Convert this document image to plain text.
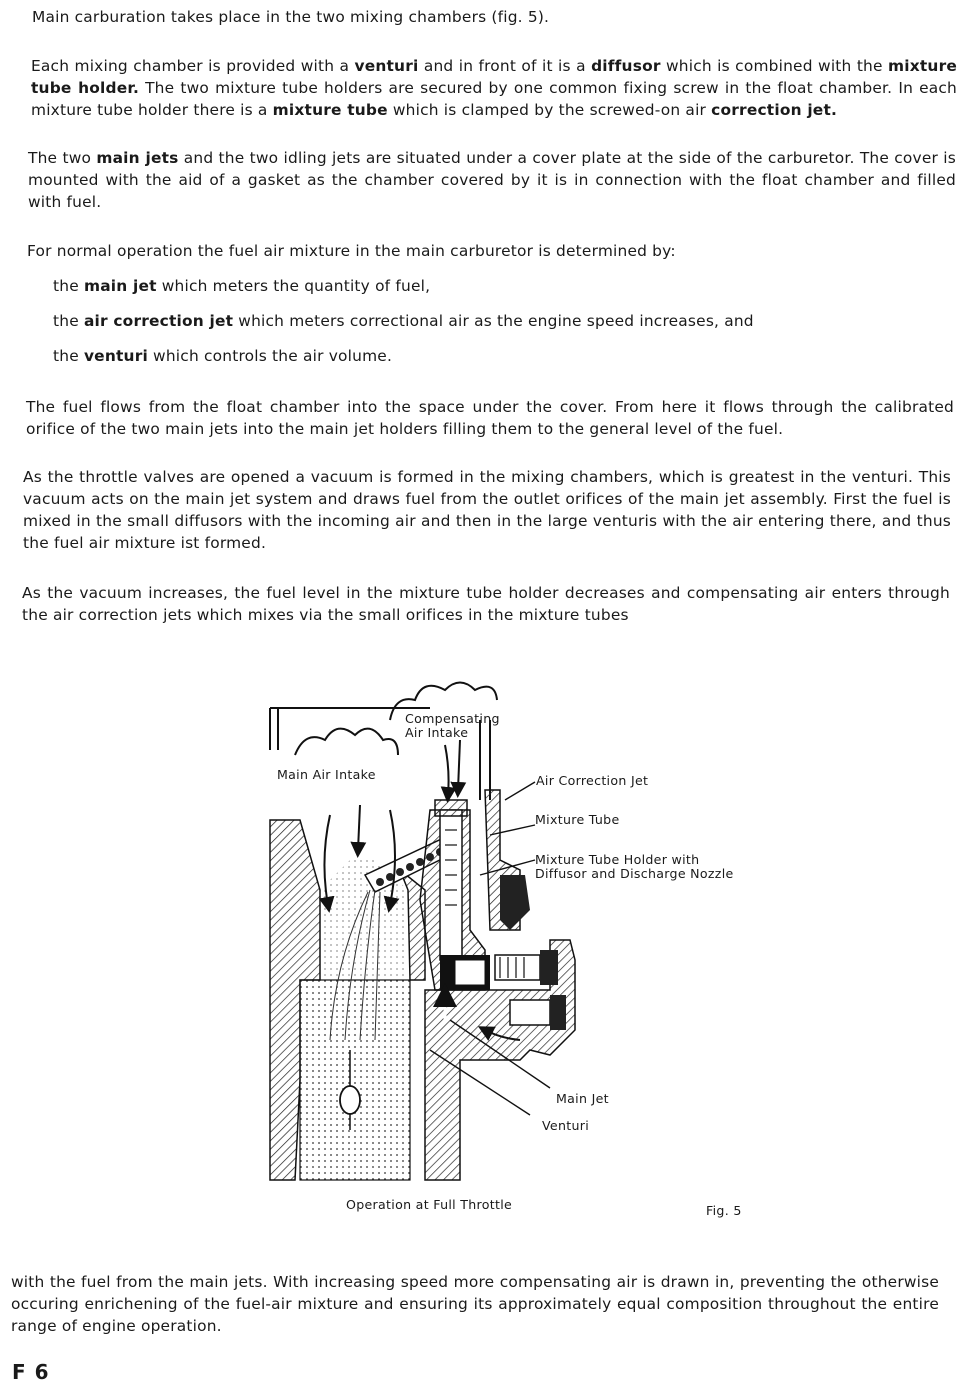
Main carburation takes place in the two mixing chambers (fig. 5).

Each mixing chamber is provided with a venturi and in front of it is a diffusor which is combined with the mixture tube holder. The two mixture tube holders are secured by one common fixing screw in the float chamber. In each mixture tube holder there is a mixture tube which is clamped by the screwed-on air correction jet.

The two main jets and the two idling jets are situated under a cover plate at the side of the carburetor. The cover is mounted with the aid of a gasket as the chamber covered by it is in connection with the float chamber and filled with fuel.

For normal operation the fuel air mixture in the main carburetor is determined by:

the main jet which meters the quantity of fuel,
the air correction jet which meters correctional air as the engine speed increases, and
the venturi which controls the air volume.

The fuel flows from the float chamber into the space under the cover. From here it flows through the calibrated orifice of the two main jets into the main jet holders filling them to the general level of the fuel.

As the throttle valves are opened a vacuum is formed in the mixing chambers, which is greatest in the venturi. This vacuum acts on the main jet system and draws fuel from the outlet orifices of the main jet assembly. First the fuel is mixed in the small diffusors with the incoming air and then in the large venturis with the air entering there, and thus the fuel air mixture ist formed.

As the vacuum increases, the fuel level in the mixture tube holder decreases and compensating air enters through the air correction jets which mixes via the small orifices in the mixture tubes

Compensating
Air Intake
Main Air Intake	Air Correction Jet
Mixture Tube
Mixture Tube Holder with
Diffusor and Discharge Nozzle
Main Jet
Venturi
Operation at Full Throttle	Fig. 5

with the fuel from the main jets. With increasing speed more compensating air is drawn in, preventing the otherwise occuring enrichening of the fuel-air mixture and ensuring its approximately equal composition throughout the entire range of engine operation.

F 6
